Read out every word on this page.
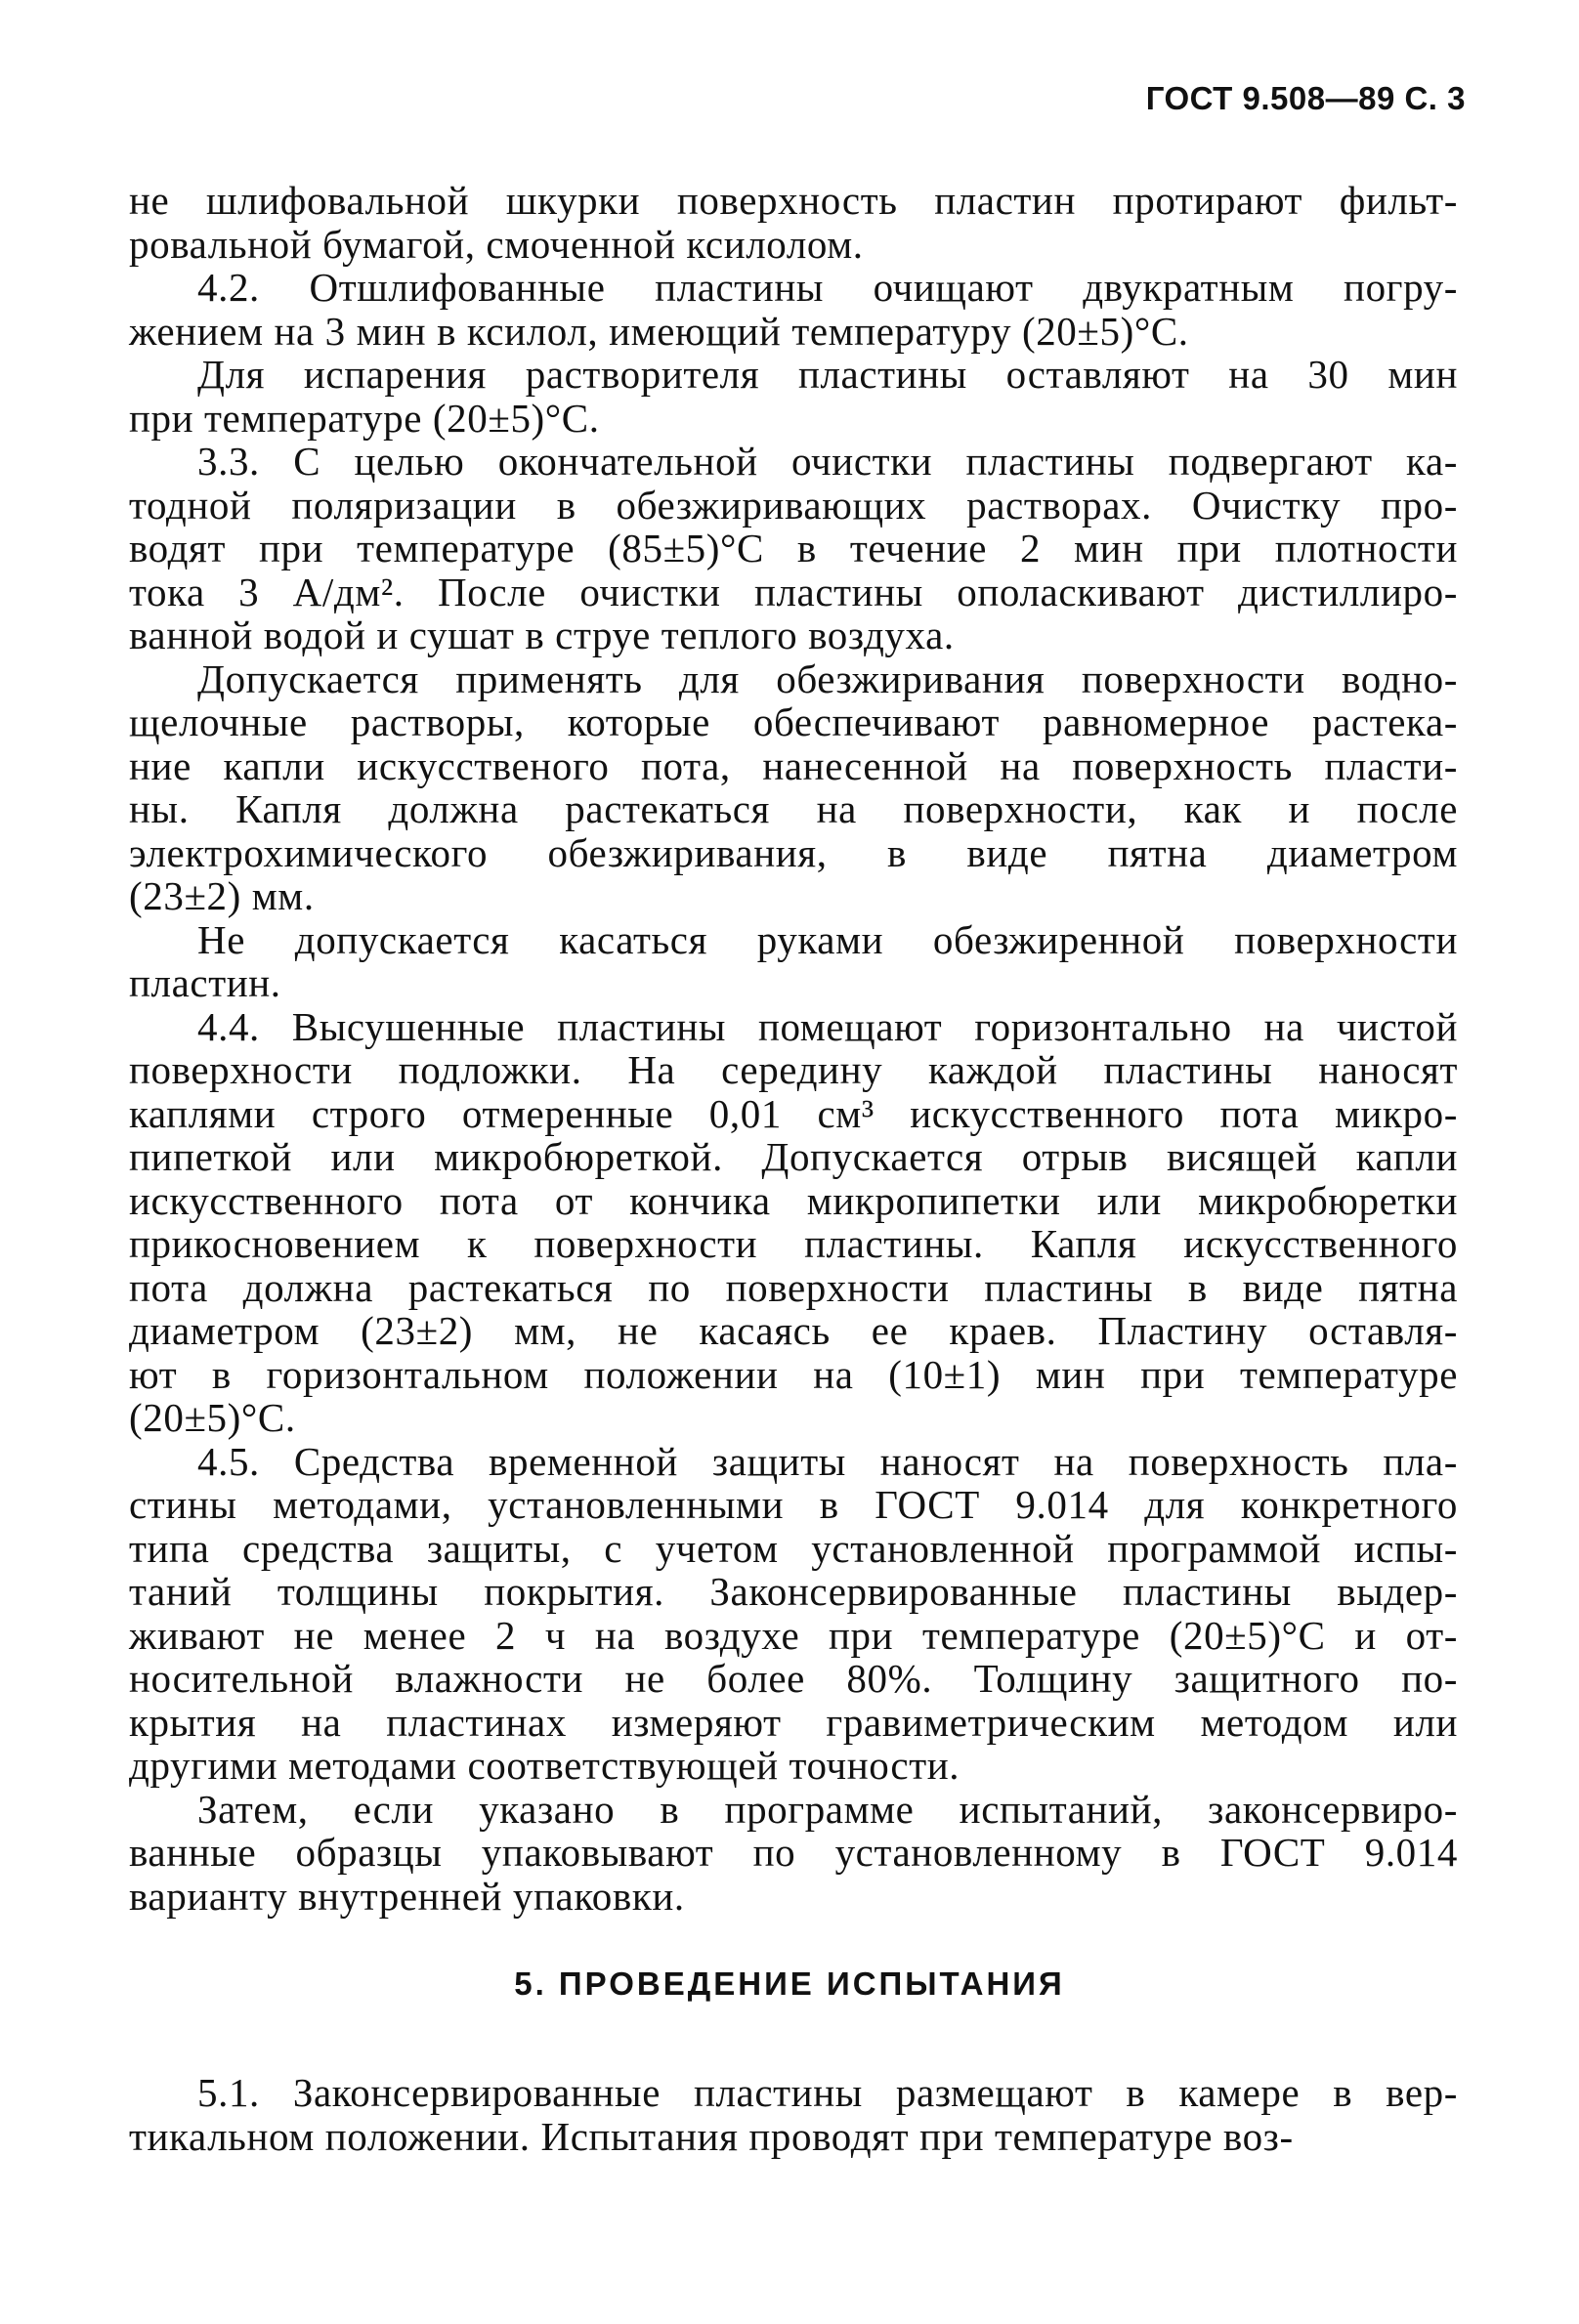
ГОСТ 9.508—89 С. 3
не шлифовальной шкурки поверхность пластин протирают фильт-
ровальной бумагой, смоченной ксилолом.
4.2. Отшлифованные пластины очищают двукратным погру-
жением на 3 мин в ксилол, имеющий температуру (20±5)°С.
Для испарения растворителя пластины оставляют на 30 мин
при температуре (20±5)°С.
3.3. С целью окончательной очистки пластины подвергают ка-
тодной поляризации в обезжиривающих растворах. Очистку про-
водят при температуре (85±5)°С в течение 2 мин при плотности
тока 3 А/дм². После очистки пластины ополаскивают дистиллиро-
ванной водой и сушат в струе теплого воздуха.
Допускается применять для обезжиривания поверхности водно-
щелочные растворы, которые обеспечивают равномерное растека-
ние капли искусственого пота, нанесенной на поверхность пласти-
ны. Капля должна растекаться на поверхности, как и после
электрохимического обезжиривания, в виде пятна диаметром
(23±2) мм.
Не допускается касаться руками обезжиренной поверхности
пластин.
4.4. Высушенные пластины помещают горизонтально на чистой
поверхности подложки. На середину каждой пластины наносят
каплями строго отмеренные 0,01 см³ искусственного пота микро-
пипеткой или микробюреткой. Допускается отрыв висящей капли
искусственного пота от кончика микропипетки или микробюретки
прикосновением к поверхности пластины. Капля искусственного
пота должна растекаться по поверхности пластины в виде пятна
диаметром (23±2) мм, не касаясь ее краев. Пластину оставля-
ют в горизонтальном положении на (10±1) мин при температуре
(20±5)°С.
4.5. Средства временной защиты наносят на поверхность пла-
стины методами, установленными в ГОСТ 9.014 для конкретного
типа средства защиты, с учетом установленной программой испы-
таний толщины покрытия. Законсервированные пластины выдер-
живают не менее 2 ч на воздухе при температуре (20±5)°С и от-
носительной влажности не более 80%. Толщину защитного по-
крытия на пластинах измеряют гравиметрическим методом или
другими методами соответствующей точности.
Затем, если указано в программе испытаний, законсервиро-
ванные образцы упаковывают по установленному в ГОСТ 9.014
варианту внутренней упаковки.
5. ПРОВЕДЕНИЕ ИСПЫТАНИЯ
5.1. Законсервированные пластины размещают в камере в вер-
тикальном положении. Испытания проводят при температуре воз-
